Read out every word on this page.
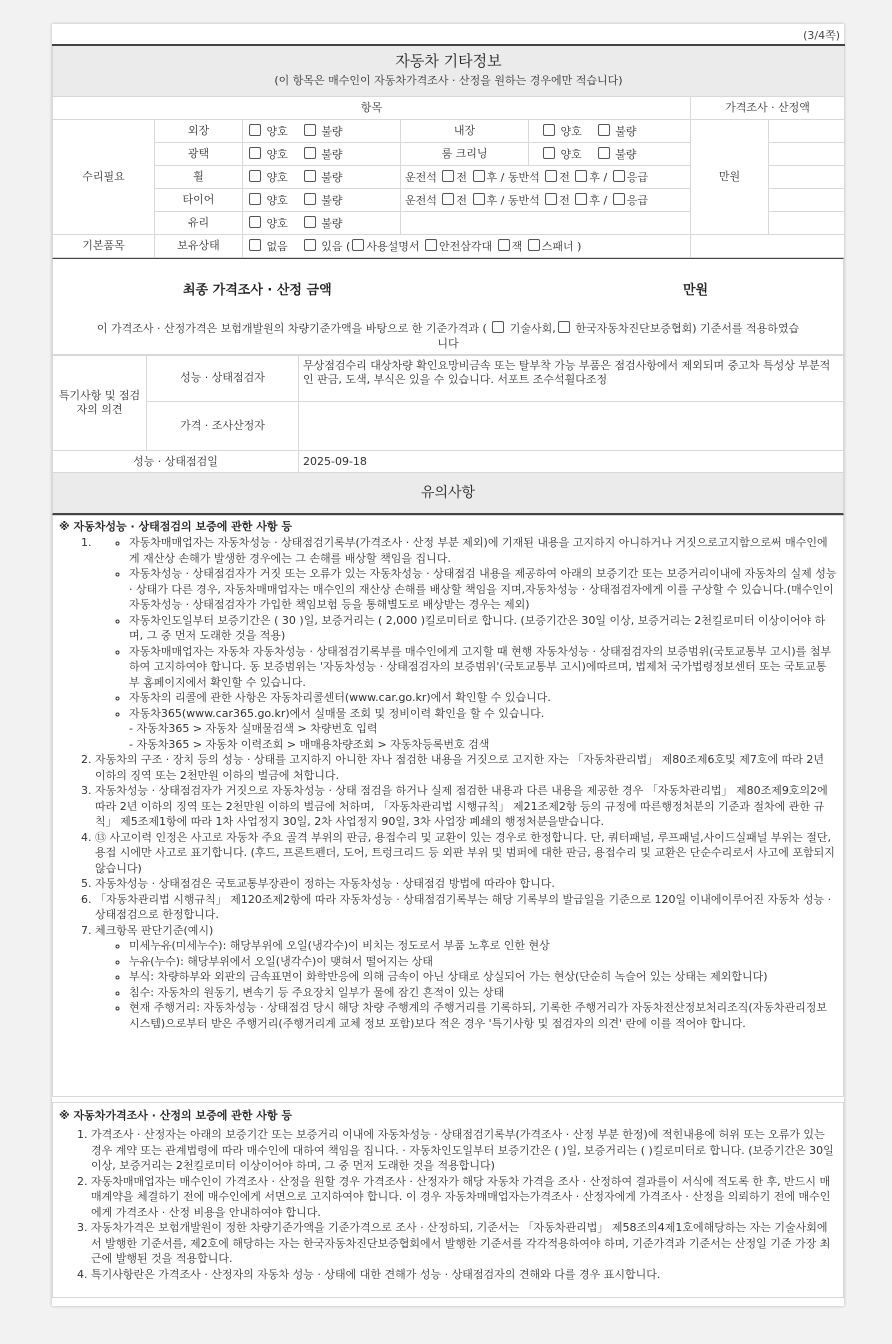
(3/4쪽)
자동차 기타정보
(이 항목은 매수인이 자동차가격조사 · 산정을 원하는 경우에만 적습니다)						

항목					가격조사 · 산정액	
수리필요	외장	양호 불량	내장	양호 불량	만원	
	광택	양호 불량	룸 크리닝	양호 불량		
	휠	양호 불량	운전석 전 후 / 동반석 전 후 / 응급			
	타이어	양호 불량	운전석 전 후 / 동반석 전 후 / 응급			
	유리	양호 불량				
기본품목	보유상태	없음 있음 ( 사용설명서 안전삼각대 잭 스패너 )				
최종 가격조사 · 산정 금액	만원
이 가격조사 · 산정가격은 보험개발원의 차량기준가액을 바탕으로 한 기준가격과 ( 기술사회, 한국자동차진단보증협회) 기준서를 적용하였습
니다
특기사항 및 점검자의 의견	성능 · 상태점검자	무상점검수리 대상차량 확인요망비금속 또는 탈부착 가능 부품은 점검사항에서 제외되며 중고차 특성상 부분적인 판금, 도색, 부식은 있을 수 있습니다. 서포트 조수석휠다조정
	가격 · 조사산정자	
성능 · 상태점검일		2025-09-18
유의사항
※ 자동차성능 · 상태점검의 보증에 관한 사항 등
◦ 1. 자동차매매업자는 자동차성능 · 상태점검기록부(가격조사 · 산정 부분 제외)에 기재된 내용을 고지하지 아니하거나 거짓으로고지함으로써 매수인에게 재산상 손해가 발생한 경우에는 그 손해를 배상할 책임을 집니다.
◦ 자동차성능 · 상태점검자가 거짓 또는 오류가 있는 자동차성능 · 상태점검 내용을 제공하여 아래의 보증기간 또는 보증거리이내에 자동차의 실제 성능 · 상태가 다른 경우, 자동차매매업자는 매수인의 재산상 손해를 배상할 책임을 지며,자동차성능 · 상태점검자에게 이를 구상할 수 있습니다.(매수인이 자동차성능 · 상태점검자가 가입한 책임보험 등을 통해별도로 배상받는 경우는 제외)
◦ 자동차인도일부터 보증기간은 ( 30 )일, 보증거리는 ( 2,000 )킬로미터로 합니다. (보증기간은 30일 이상, 보증거리는 2천킬로미터 이상이어야 하며, 그 중 먼저 도래한 것을 적용)
◦ 자동차매매업자는 자동차 자동차성능 · 상태점검기록부를 매수인에게 고지할 때 현행 자동차성능 · 상태점검자의 보증범위(국토교통부 고시)를 첨부하여 고지하여야 합니다. 동 보증범위는 '자동차성능 · 상태점검자의 보증범위'(국토교통부 고시)에따르며, 법제처 국가법령정보센터 또는 국토교통부 홈페이지에서 확인할 수 있습니다.
◦ 자동차의 리콜에 관한 사항은 자동차리콜센터(www.car.go.kr)에서 확인할 수 있습니다.
◦ 자동차365(www.car365.go.kr)에서 실매물 조회 및 정비이력 확인을 할 수 있습니다.
- 자동차365 > 자동차 실매물검색 > 차량번호 입력
- 자동차365 > 자동차 이력조회 > 매매용차량조회 > 자동차등록번호 검색
2. 자동차의 구조 · 장치 등의 성능 · 상태를 고지하지 아니한 자나 점검한 내용을 거짓으로 고지한 자는 「자동차관리법」 제80조제6호및 제7호에 따라 2년 이하의 징역 또는 2천만원 이하의 벌금에 처합니다.
3. 자동차성능 · 상태점검자가 거짓으로 자동차성능 · 상태 점검을 하거나 실제 점검한 내용과 다른 내용을 제공한 경우 「자동차관리법」 제80조제9호의2에 따라 2년 이하의 징역 또는 2천만원 이하의 벌금에 처하며, 「자동차관리법 시행규칙」 제21조제2항 등의 규정에 따른행정처분의 기준과 절차에 관한 규칙」 제5조제1항에 따라 1차 사업정지 30일, 2차 사업정지 90일, 3차 사업장 폐쇄의 행정처분을받습니다.
4. ⑬ 사고이력 인정은 사고로 자동차 주요 골격 부위의 판금, 용접수리 및 교환이 있는 경우로 한정합니다. 단, 쿼터패널, 루프패널,사이드실패널 부위는 절단, 용접 시에만 사고로 표기합니다. (후드, 프론트펜더, 도어, 트렁크리드 등 외판 부위 및 범퍼에 대한 판금, 용접수리 및 교환은 단순수리로서 사고에 포함되지않습니다)
5. 자동차성능 · 상태점검은 국토교통부장관이 정하는 자동차성능 · 상태점검 방법에 따라야 합니다.
6. 「자동차관리법 시행규칙」 제120조제2항에 따라 자동차성능 · 상태점검기록부는 해당 기록부의 발급일을 기준으로 120일 이내에이루어진 자동차 성능 · 상태점검으로 한정합니다.
7. 체크항목 판단기준(예시)
◦ 미세누유(미세누수): 해당부위에 오일(냉각수)이 비치는 정도로서 부품 노후로 인한 현상
◦ 누유(누수): 해당부위에서 오일(냉각수)이 맺혀서 떨어지는 상태
◦ 부식: 차량하부와 외판의 금속표면이 화학반응에 의해 금속이 아닌 상태로 상실되어 가는 현상(단순히 녹슬어 있는 상태는 제외합니다)
◦ 침수: 자동차의 원동기, 변속기 등 주요장치 일부가 물에 잠긴 흔적이 있는 상태
◦ 현재 주행거리: 자동차성능 · 상태점검 당시 해당 차량 주행계의 주행거리를 기록하되, 기록한 주행거리가 자동차전산정보처리조직(자동차관리정보시스템)으로부터 받은 주행거리(주행거리계 교체 정보 포함)보다 적은 경우 '특기사항 및 점검자의 의견' 란에 이를 적어야 합니다.
※ 자동차가격조사 · 산정의 보증에 관한 사항 등
1. 가격조사 · 산정자는 아래의 보증기간 또는 보증거리 이내에 자동차성능 · 상태점검기록부(가격조사 · 산정 부분 한정)에 적힌내용에 허위 또는 오류가 있는 경우 계약 또는 관계법령에 따라 매수인에 대하여 책임을 집니다. · 자동차인도일부터 보증기간은 ( )일, 보증거리는 ( )킬로미터로 합니다. (보증기간은 30일 이상, 보증거리는 2천킬로미터 이상이어야 하며, 그 중 먼저 도래한 것을 적용합니다)
2. 자동차매매업자는 매수인이 가격조사 · 산정을 원할 경우 가격조사 · 산정자가 해당 자동차 가격을 조사 · 산정하여 결과를이 서식에 적도록 한 후, 반드시 매매계약을 체결하기 전에 매수인에게 서면으로 고지하여야 합니다. 이 경우 자동차매매업자는가격조사 · 산정자에게 가격조사 · 산정을 의뢰하기 전에 매수인에게 가격조사 · 산정 비용을 안내하여야 합니다.
3. 자동차가격은 보험개발원이 정한 차량기준가액을 기준가격으로 조사 · 산정하되, 기준서는 「자동차관리법」 제58조의4제1호에해당하는 자는 기술사회에서 발행한 기준서를, 제2호에 해당하는 자는 한국자동차진단보증협회에서 발행한 기준서를 각각적용하여야 하며, 기준가격과 기준서는 산정일 기준 가장 최근에 발행된 것을 적용합니다.
4. 특기사항란은 가격조사 · 산정자의 자동차 성능 · 상태에 대한 견해가 성능 · 상태점검자의 견해와 다를 경우 표시합니다.
